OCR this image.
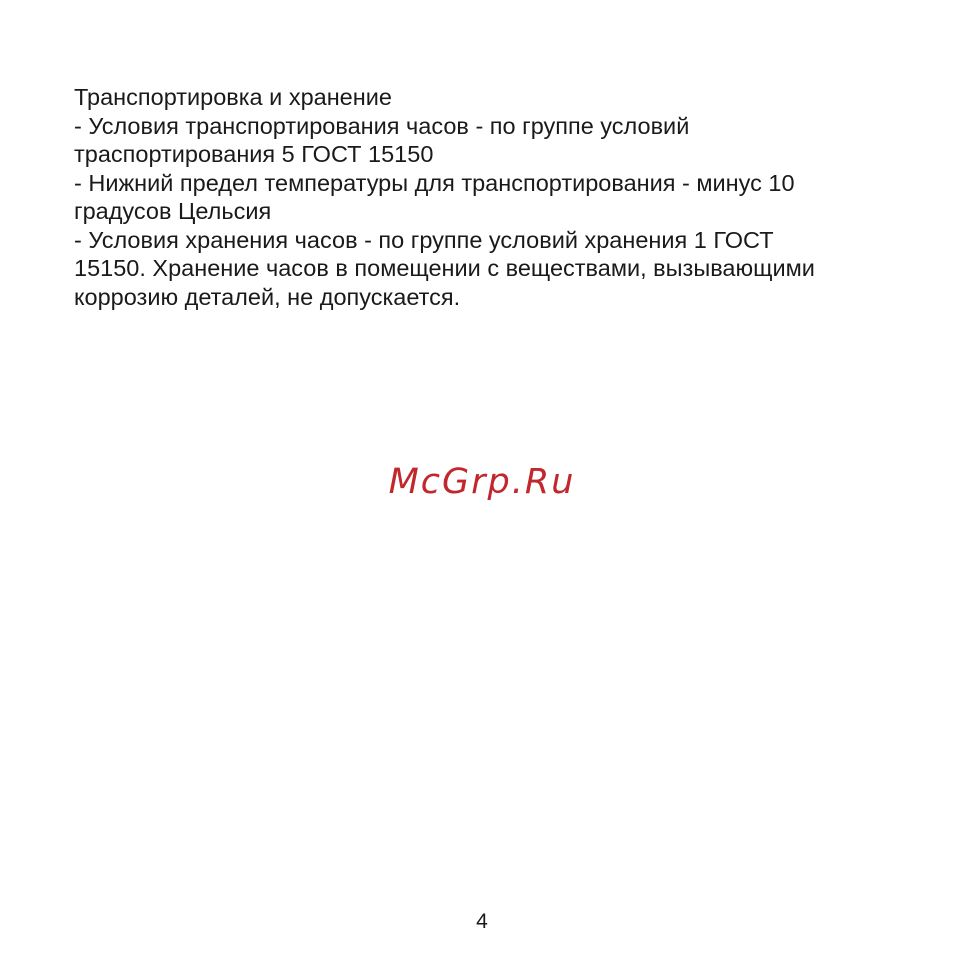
Транспортировка и хранение
- Условия транспортирования часов - по группе условий
траспортирования 5 ГОСТ 15150
- Нижний предел температуры для транспортирования - минус 10
градусов Цельсия
- Условия хранения часов - по группе условий хранения 1 ГОСТ
15150. Хранение часов в помещении с веществами, вызывающими
коррозию деталей, не допускается.
McGrp.Ru
4
